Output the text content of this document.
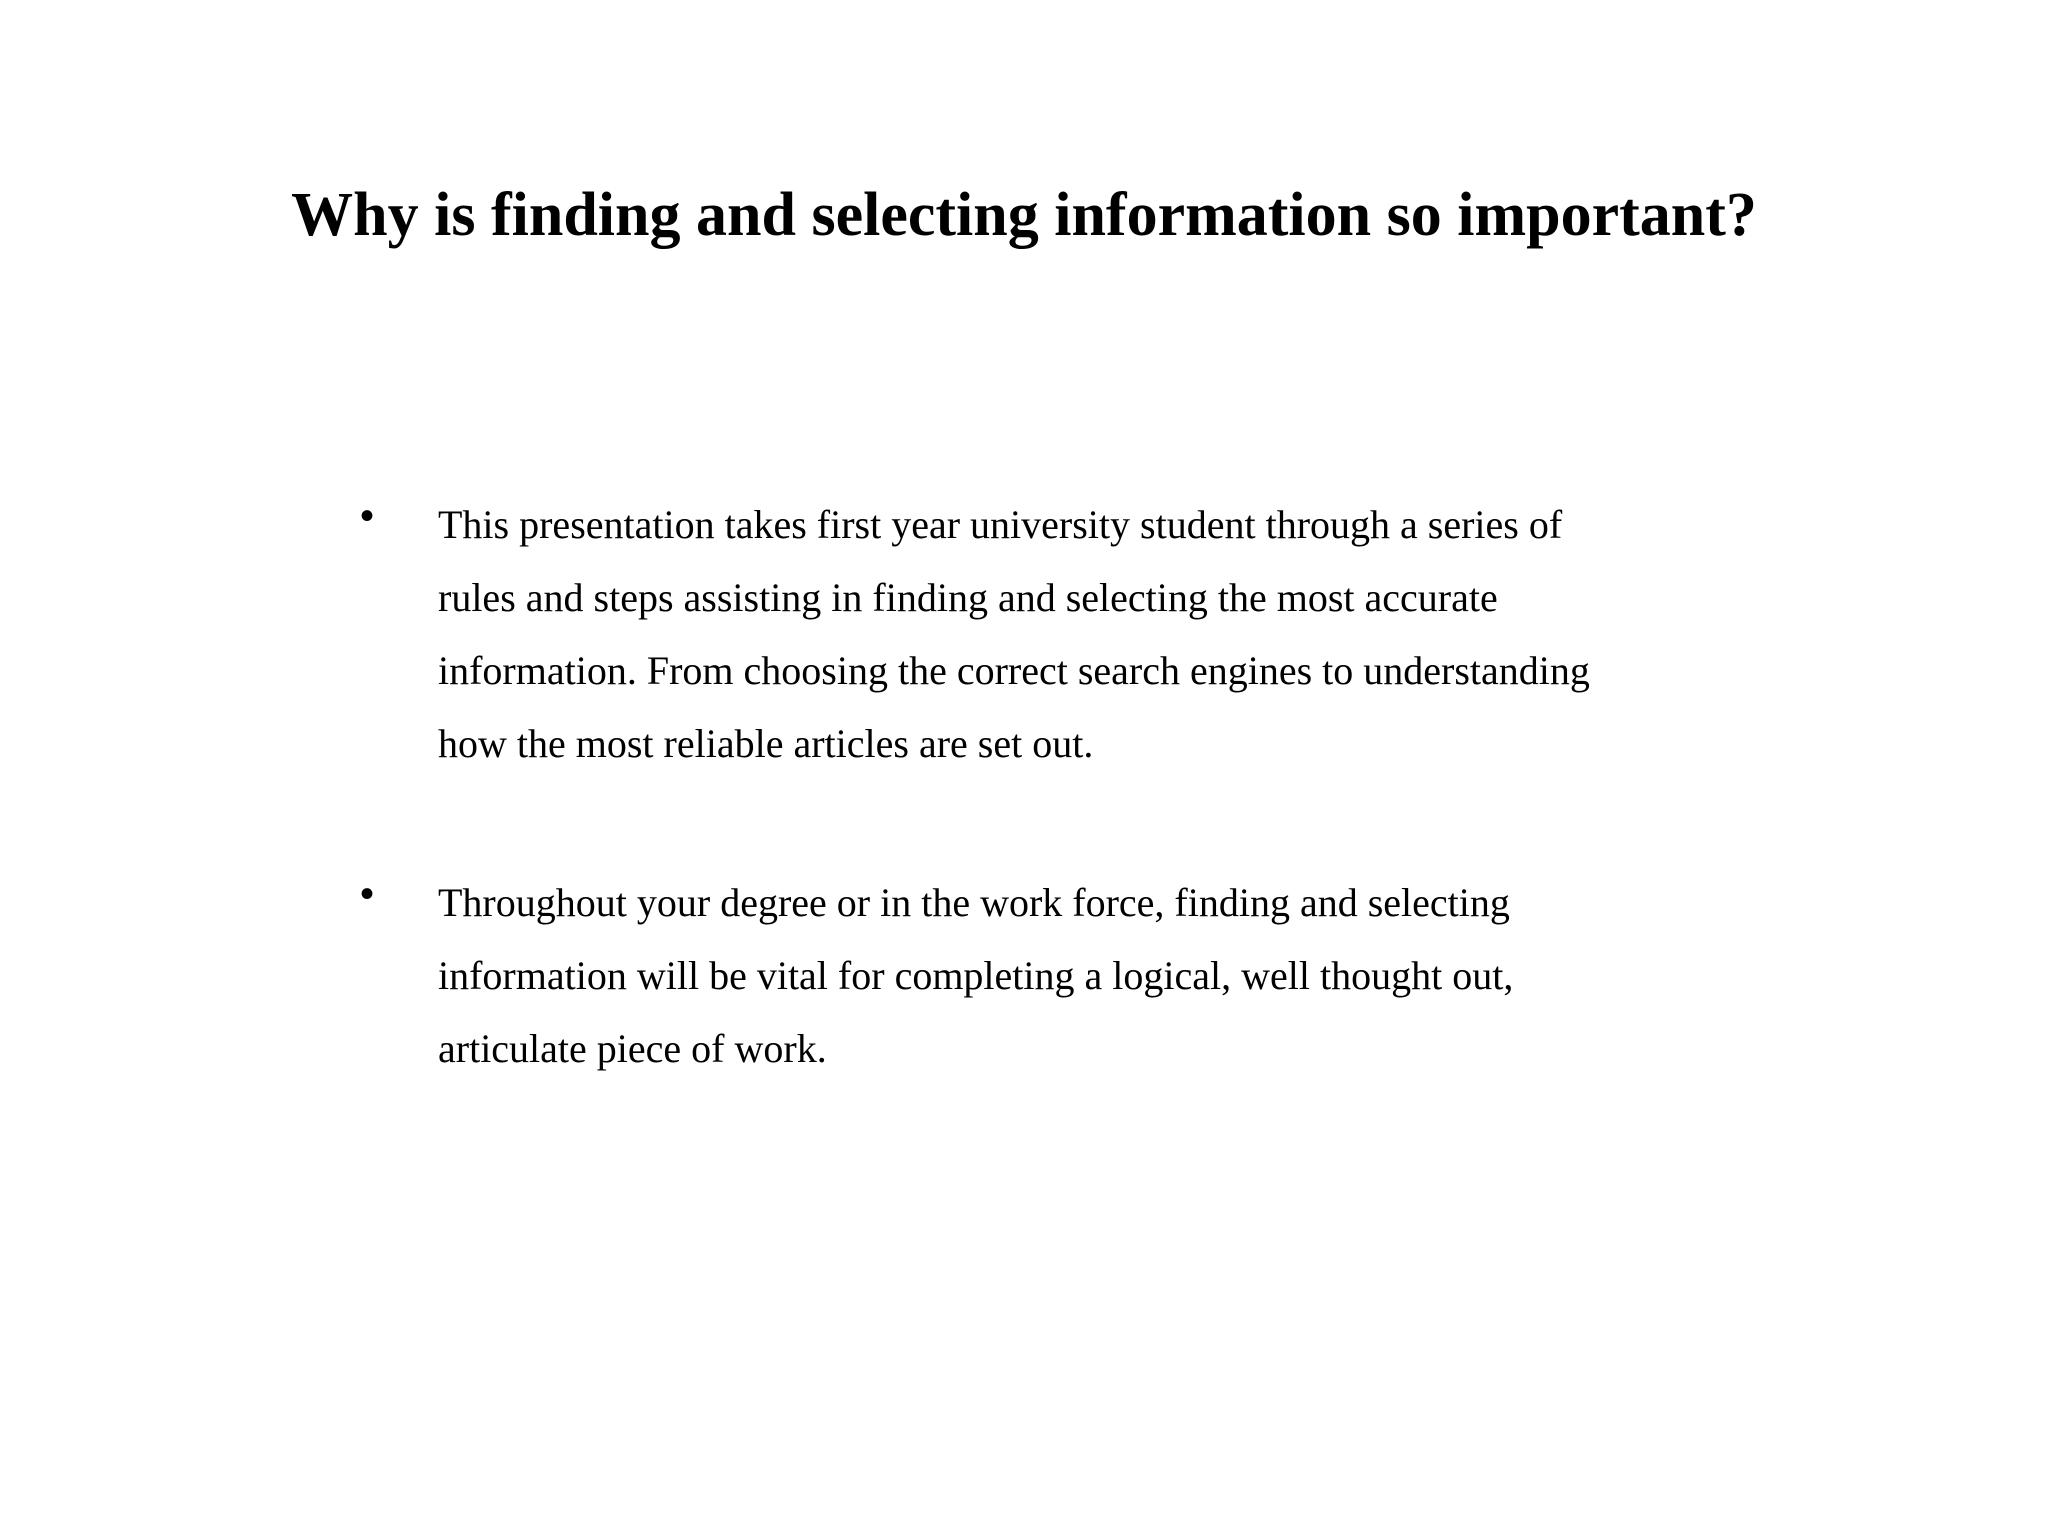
Why is finding and selecting information so important?
• This presentation takes first year university student through a series of
rules and steps assisting in finding and selecting the most accurate
information. From choosing the correct search engines to understanding
how the most reliable articles are set out.

• Throughout your degree or in the work force, finding and selecting
information will be vital for completing a logical, well thought out,
articulate piece of work.
